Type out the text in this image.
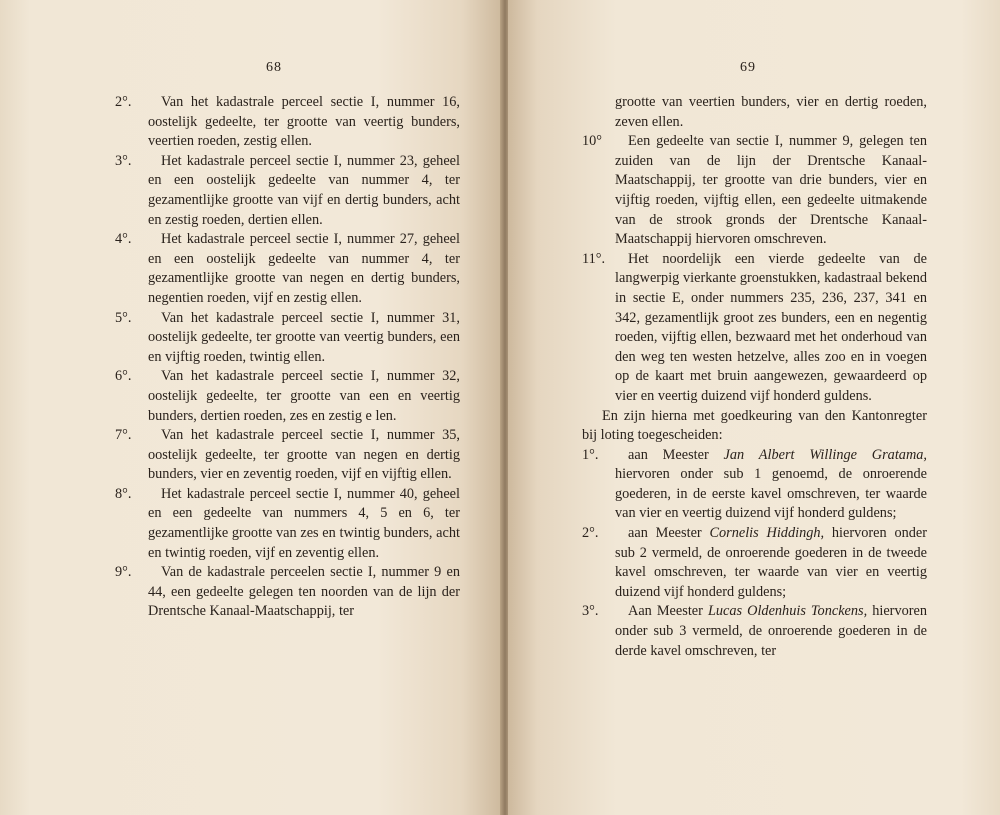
68
2°.	Van het kadastrale perceel sectie I, nummer 16, oostelijk gedeelte, ter grootte van veertig bunders, veertien roeden, zestig ellen.
3°.	Het kadastrale perceel sectie I, nummer 23, geheel en een oostelijk gedeelte van nummer 4, ter gezamentlijke grootte van vijf en dertig bunders, acht en zestig roeden, dertien ellen.
4°.	Het kadastrale perceel sectie I, nummer 27, geheel en een oostelijk gedeelte van nummer 4, ter gezamentlijke grootte van negen en dertig bunders, negentien roeden, vijf en zestig ellen.
5°.	Van het kadastrale perceel sectie I, nummer 31, oostelijk gedeelte, ter grootte van veertig bunders, een en vijftig roeden, twintig ellen.
6°.	Van het kadastrale perceel sectie I, nummer 32, oostelijk gedeelte, ter grootte van een en veertig bunders, dertien roeden, zes en zestig e len.
7°.	Van het kadastrale perceel sectie I, nummer 35, oostelijk gedeelte, ter grootte van negen en dertig bunders, vier en zeventig roeden, vijf en vijftig ellen.
8°.	Het kadastrale perceel sectie I, nummer 40, geheel en een gedeelte van nummers 4, 5 en 6, ter gezamentlijke grootte van zes en twintig bunders, acht en twintig roeden, vijf en zeventig ellen.
9°.	Van de kadastrale perceelen sectie I, nummer 9 en 44, een gedeelte gelegen ten noorden van de lijn der Drentsche Kanaal-Maatschappij, ter
69
grootte van veertien bunders, vier en dertig roeden, zeven ellen.
10°	Een gedeelte van sectie I, nummer 9, gelegen ten zuiden van de lijn der Drentsche Kanaal-Maatschappij, ter grootte van drie bunders, vier en vijftig roeden, vijftig ellen, een gedeelte uitmakende van de strook gronds der Drentsche Kanaal-Maatschappij hiervoren omschreven.
11°.	Het noordelijk een vierde gedeelte van de langwerpig vierkante groenstukken, kadastraal bekend in sectie E, onder nummers 235, 236, 237, 341 en 342, gezamentlijk groot zes bunders, een en negentig roeden, vijftig ellen, bezwaard met het onderhoud van den weg ten westen hetzelve, alles zoo en in voegen op de kaart met bruin aangewezen, gewaardeerd op vier en veertig duizend vijf honderd guldens.
En zijn hierna met goedkeuring van den Kantonregter bij loting toegescheiden:
1°.	aan Meester Jan Albert Willinge Gratama, hiervoren onder sub 1 genoemd, de onroerende goederen, in de eerste kavel omschreven, ter waarde van vier en veertig duizend vijf honderd guldens;
2°.	aan Meester Cornelis Hiddingh, hiervoren onder sub 2 vermeld, de onroerende goederen in de tweede kavel omschreven, ter waarde van vier en veertig duizend vijf honderd guldens;
3°.	Aan Meester Lucas Oldenhuis Tonckens, hiervoren onder sub 3 vermeld, de onroerende goederen in de derde kavel omschreven, ter
